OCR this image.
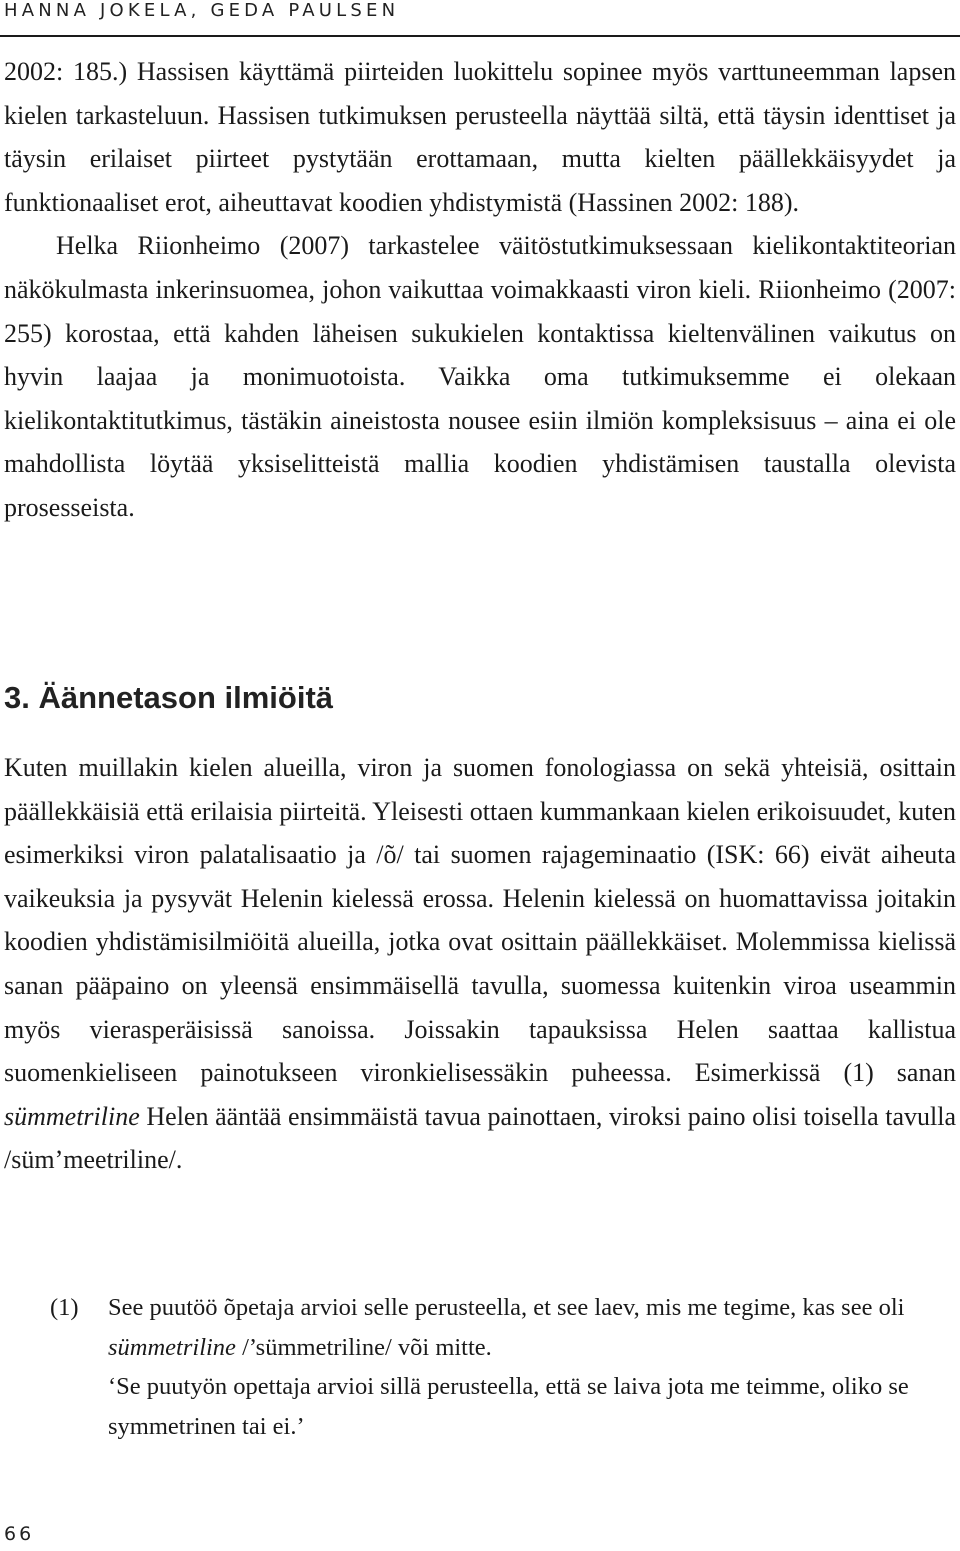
HANNA JOKELA, GEDA PAULSEN

2002: 185.) Hassisen käyttämä piirteiden luokittelu sopinee myös varttuneemman lapsen kielen tarkasteluun. Hassisen tutkimuksen perusteella näyttää siltä, että täysin identtiset ja täysin erilaiset piirteet pystytään erottamaan, mutta kielten päällekkäisyydet ja funktionaaliset erot, aiheuttavat koodien yhdistymistä (Hassinen 2002: 188).

Helka Riionheimo (2007) tarkastelee väitöstutkimuksessaan kielikontaktiteorian näkökulmasta inkerinsuomea, johon vaikuttaa voimakkaasti viron kieli. Riionheimo (2007: 255) korostaa, että kahden läheisen sukukielen kontaktissa kieltenvälinen vaikutus on hyvin laajaa ja monimuotoista. Vaikka oma tutkimuksemme ei olekaan kielikontaktitutkimus, tästäkin aineistosta nousee esiin ilmiön kompleksisuus – aina ei ole mahdollista löytää yksiselitteistä mallia koodien yhdistämisen taustalla olevista prosesseista.

3. Äännetason ilmiöitä

Kuten muillakin kielen alueilla, viron ja suomen fonologiassa on sekä yhteisiä, osittain päällekkäisiä että erilaisia piirteitä. Yleisesti ottaen kummankaan kielen erikoisuudet, kuten esimerkiksi viron palatalisaatio ja /õ/ tai suomen rajageminaatio (ISK: 66) eivät aiheuta vaikeuksia ja pysyvät Helenin kielessä erossa. Helenin kielessä on huomattavissa joitakin koodien yhdistämisilmiöitä alueilla, jotka ovat osittain päällekkäiset. Molemmissa kielissä sanan pääpaino on yleensä ensimmäisellä tavulla, suomessa kuitenkin viroa useammin myös vierasperäisissä sanoissa. Joissakin tapauksissa Helen saattaa kallistua suomenkieliseen painotukseen vironkielisessäkin puheessa. Esimerkissä (1) sanan sümmetriline Helen ääntää ensimmäistä tavua painottaen, viroksi paino olisi toisella tavulla /süm’meetriline/.

(1) See puutöö õpetaja arvioi selle perusteella, et see laev, mis me tegime, kas see oli sümmetriline /’sümmetriline/ või mitte.
‘Se puutyön opettaja arvioi sillä perusteella, että se laiva jota me teimme, oliko se symmetrinen tai ei.’
66
